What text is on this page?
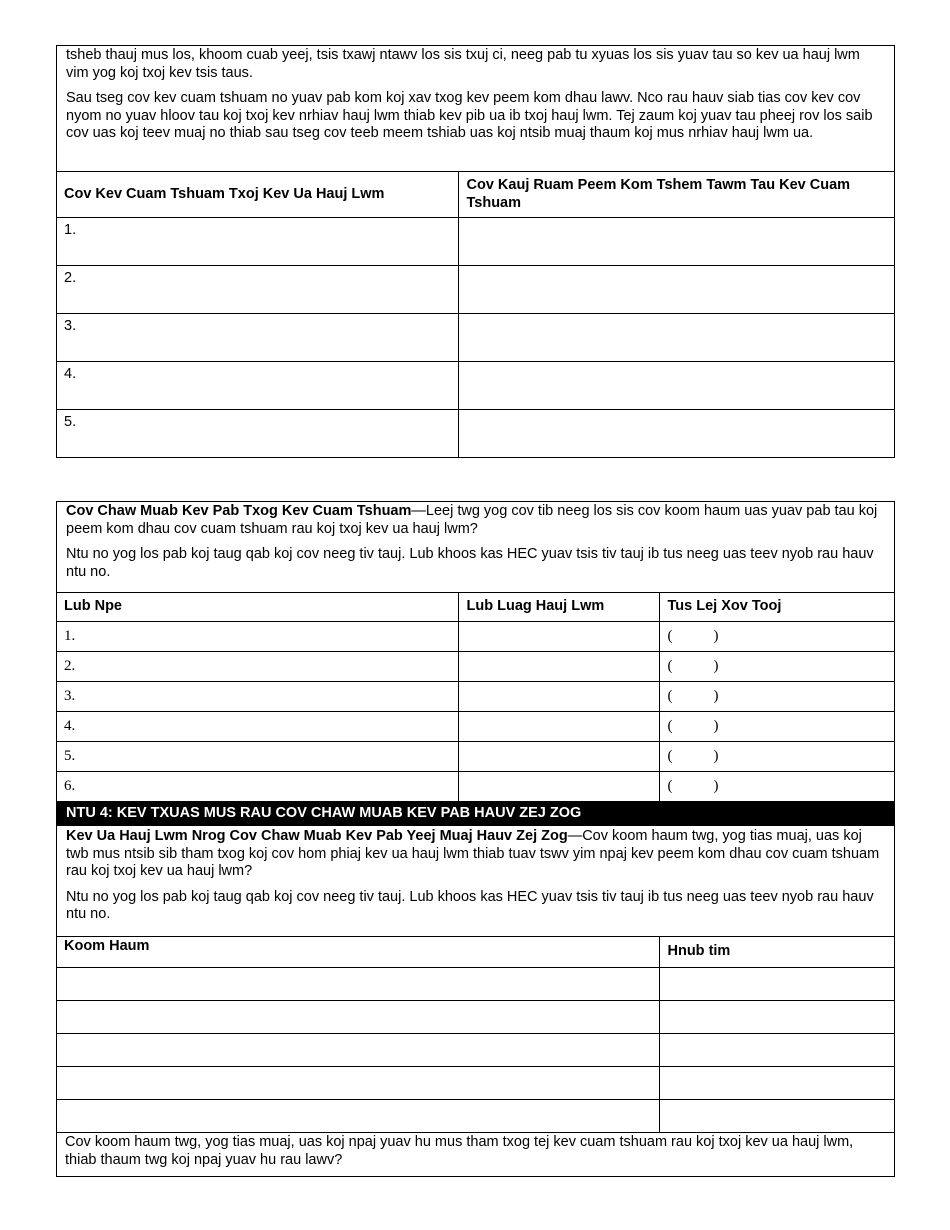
tsheb thauj mus los, khoom cuab yeej, tsis txawj ntawv los sis txuj ci, neeg pab tu xyuas los sis yuav tau so kev ua hauj lwm vim yog koj txoj kev tsis taus.

Sau tseg cov kev cuam tshuam no yuav pab kom koj xav txog kev peem kom dhau lawv. Nco rau hauv siab tias cov kev cov nyom no yuav hloov tau koj txoj kev nrhiav hauj lwm thiab kev pib ua ib txoj hauj lwm. Tej zaum koj yuav tau pheej rov los saib cov uas koj teev muaj no thiab sau tseg cov teeb meem tshiab uas koj ntsib muaj thaum koj mus nrhiav hauj lwm ua.

Cov Kev Cuam Tshuam Txoj Kev Ua Hauj Lwm	Cov Kauj Ruam Peem Kom Tshem Tawm Tau Kev Cuam Tshuam
1.	
2.	
3.	
4.	
5.	

Cov Chaw Muab Kev Pab Txog Kev Cuam Tshuam—Leej twg yog cov tib neeg los sis cov koom haum uas yuav pab tau koj peem kom dhau cov cuam tshuam rau koj txoj kev ua hauj lwm?

Ntu no yog los pab koj taug qab koj cov neeg tiv tauj. Lub khoos kas HEC yuav tsis tiv tauj ib tus neeg uas teev nyob rau hauv ntu no.

Lub Npe	Lub Luag Hauj Lwm	Tus Lej Xov Tooj
1.		( )
2.		( )
3.		( )
4.		( )
5.		( )
6.		( )
NTU 4: KEV TXUAS MUS RAU COV CHAW MUAB KEV PAB HAUV ZEJ ZOG

Kev Ua Hauj Lwm Nrog Cov Chaw Muab Kev Pab Yeej Muaj Hauv Zej Zog—Cov koom haum twg, yog tias muaj, uas koj twb mus ntsib sib tham txog koj cov hom phiaj kev ua hauj lwm thiab tuav tswv yim npaj kev peem kom dhau cov cuam tshuam rau koj txoj kev ua hauj lwm?

Ntu no yog los pab koj taug qab koj cov neeg tiv tauj. Lub khoos kas HEC yuav tsis tiv tauj ib tus neeg uas teev nyob rau hauv ntu no.

Koom Haum	Hnub tim

Cov koom haum twg, yog tias muaj, uas koj npaj yuav hu mus tham txog tej kev cuam tshuam rau koj txoj kev ua hauj lwm, thiab thaum twg koj npaj yuav hu rau lawv?	
